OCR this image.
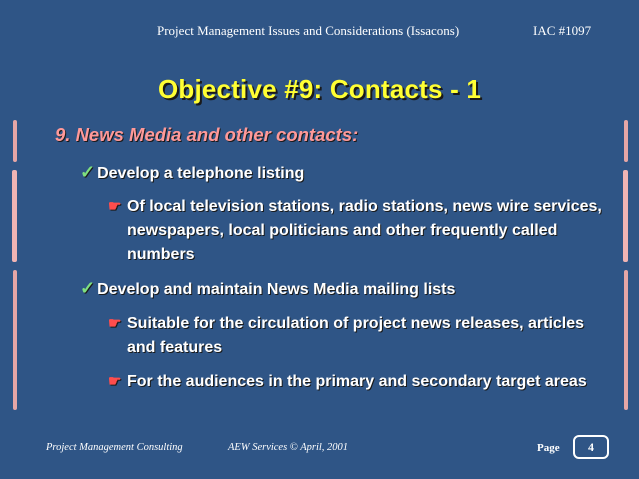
Project Management Issues and Considerations (Issacons)	IAC #1097
Objective #9: Contacts - 1
9. News Media and other contacts:
✓ Develop a telephone listing
☛ Of local television stations, radio stations, news wire services, newspapers, local politicians and other frequently called numbers
✓ Develop and maintain News Media mailing lists
☛ Suitable for the circulation of project news releases, articles and features
☛ For the audiences in the primary and secondary target areas
Project Management Consulting	AEW Services © April, 2001	Page	4
